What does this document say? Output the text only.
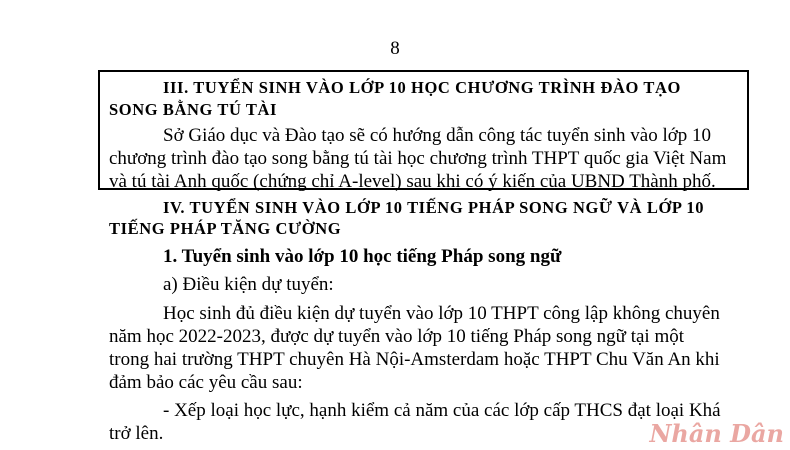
8
III. TUYỂN SINH VÀO LỚP 10 HỌC CHƯƠNG TRÌNH ĐÀO TẠO
SONG BẰNG TÚ TÀI
Sở Giáo dục và Đào tạo sẽ có hướng dẫn công tác tuyển sinh vào lớp 10
chương trình đào tạo song bằng tú tài học chương trình THPT quốc gia Việt Nam
và tú tài Anh quốc (chứng chỉ A-level) sau khi có ý kiến của UBND Thành phố.
IV. TUYỂN SINH VÀO LỚP 10 TIẾNG PHÁP SONG NGỮ VÀ LỚP 10
TIẾNG PHÁP TĂNG CƯỜNG
1. Tuyển sinh vào lớp 10 học tiếng Pháp song ngữ
a) Điều kiện dự tuyển:
Học sinh đủ điều kiện dự tuyển vào lớp 10 THPT công lập không chuyên
năm học 2022-2023, được dự tuyển vào lớp 10 tiếng Pháp song ngữ tại một
trong hai trường THPT chuyên Hà Nội-Amsterdam hoặc THPT Chu Văn An khi
đảm bảo các yêu cầu sau:
- Xếp loại học lực, hạnh kiểm cả năm của các lớp cấp THCS đạt loại Khá
trở lên.	Nhân Dân
